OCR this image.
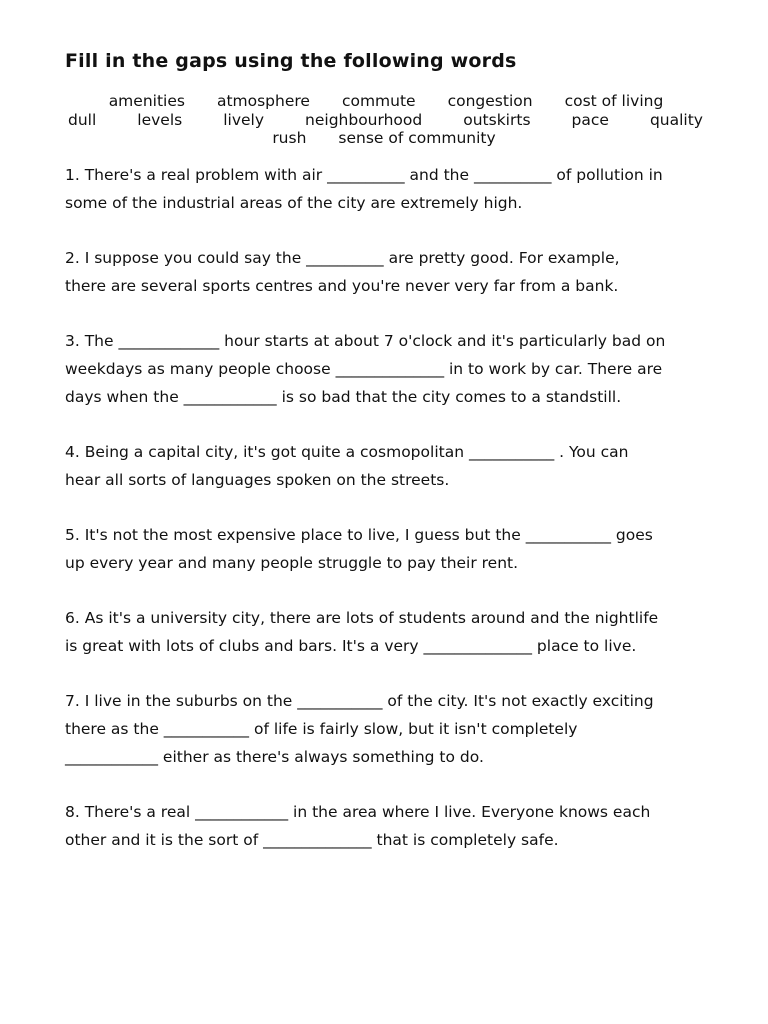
Fill in the gaps using the following words
amenities atmosphere commute congestion cost of living
dull	levels	lively	neighbourhood	outskirts	pace	quality
rush sense of community

1. There's a real problem with air __________ and the __________ of pollution in

some of the industrial areas of the city are extremely high.

2. I suppose you could say the __________ are pretty good. For example,

there are several sports centres and you're never very far from a bank.

3. The _____________ hour starts at about 7 o'clock and it's particularly bad on

weekdays as many people choose ______________ in to work by car. There are

days when the ____________ is so bad that the city comes to a standstill.

4. Being a capital city, it's got quite a cosmopolitan ___________ . You can

hear all sorts of languages spoken on the streets.

5. It's not the most expensive place to live, I guess but the ___________ goes

up every year and many people struggle to pay their rent.

6. As it's a university city, there are lots of students around and the nightlife

is great with lots of clubs and bars. It's a very ______________ place to live.

7. I live in the suburbs on the ___________ of the city. It's not exactly exciting

there as the ___________ of life is fairly slow, but it isn't completely

____________ either as there's always something to do.

8. There's a real ____________ in the area where I live. Everyone knows each

other and it is the sort of ______________ that is completely safe.
